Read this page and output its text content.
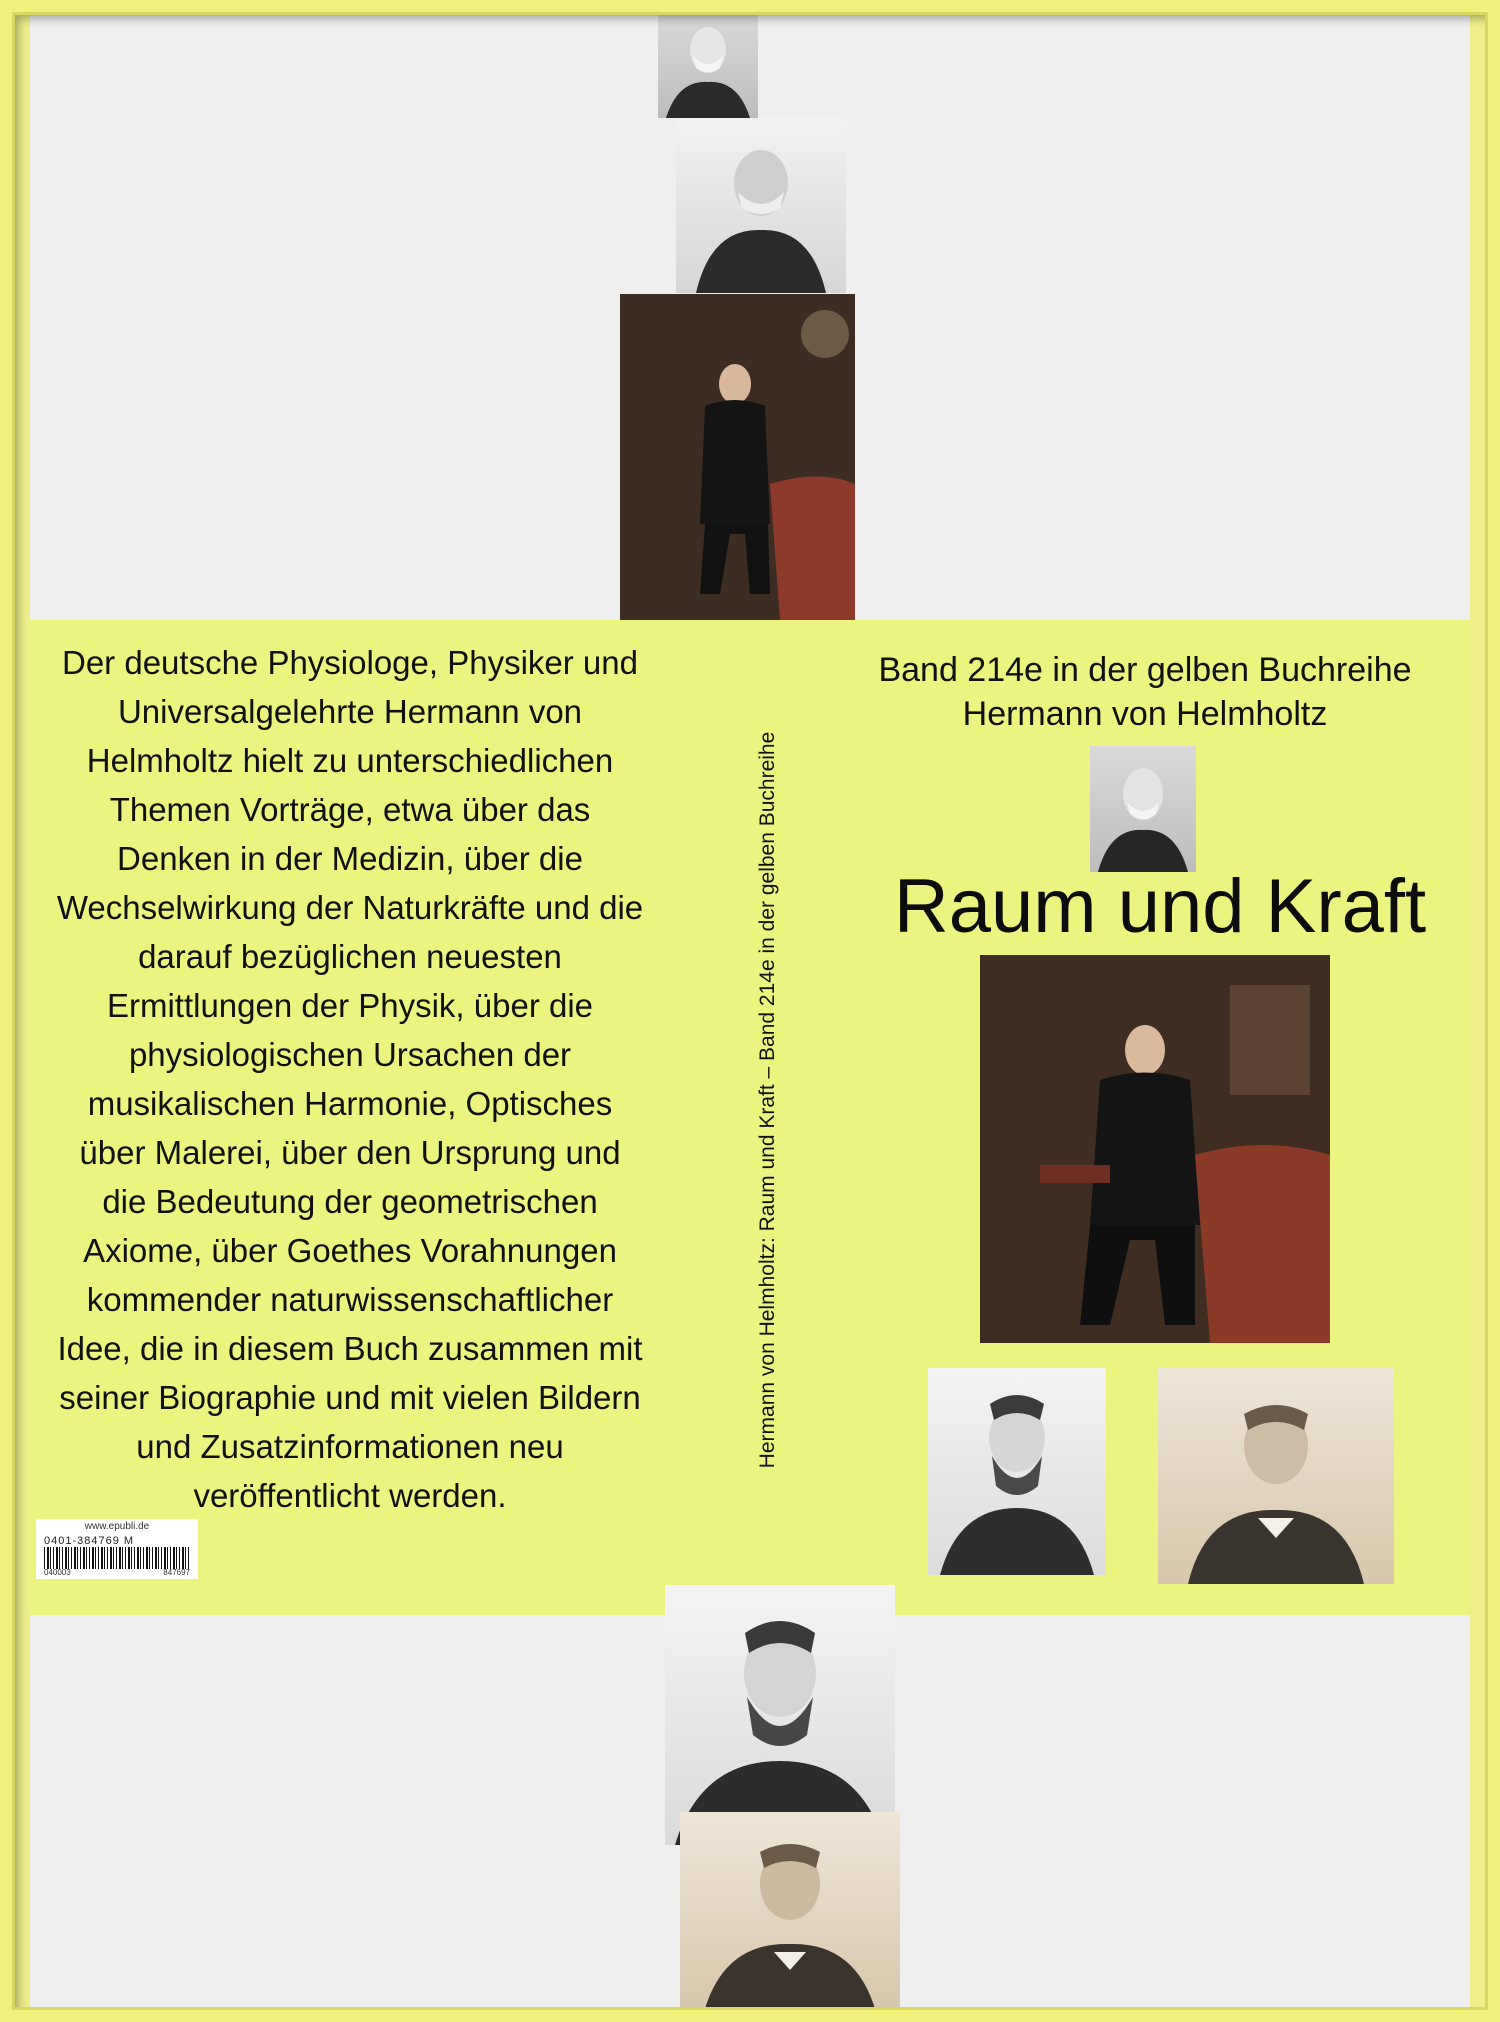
Der deutsche Physiologe, Physiker und

Universalgelehrte Hermann von

Helmholtz hielt zu unterschiedlichen

Themen Vorträge, etwa über das

Denken in der Medizin, über die

Wechselwirkung der Naturkräfte und die

darauf bezüglichen neuesten

Ermittlungen der Physik, über die

physiologischen Ursachen der

musikalischen Harmonie, Optisches

über Malerei, über den Ursprung und

die Bedeutung der geometrischen

Axiome, über Goethes Vorahnungen

kommender naturwissenschaftlicher

Idee, die in diesem Buch zusammen mit

seiner Biographie und mit vielen Bildern

und Zusatzinformationen neu

veröffentlicht werden.

www.epubli.de
0401-384769 M
040003	847697
Hermann von Helmholtz: Raum und Kraft – Band 214e in der gelben Buchreihe
Band 214e in der gelben Buchreihe
Hermann von Helmholtz
Raum und Kraft
